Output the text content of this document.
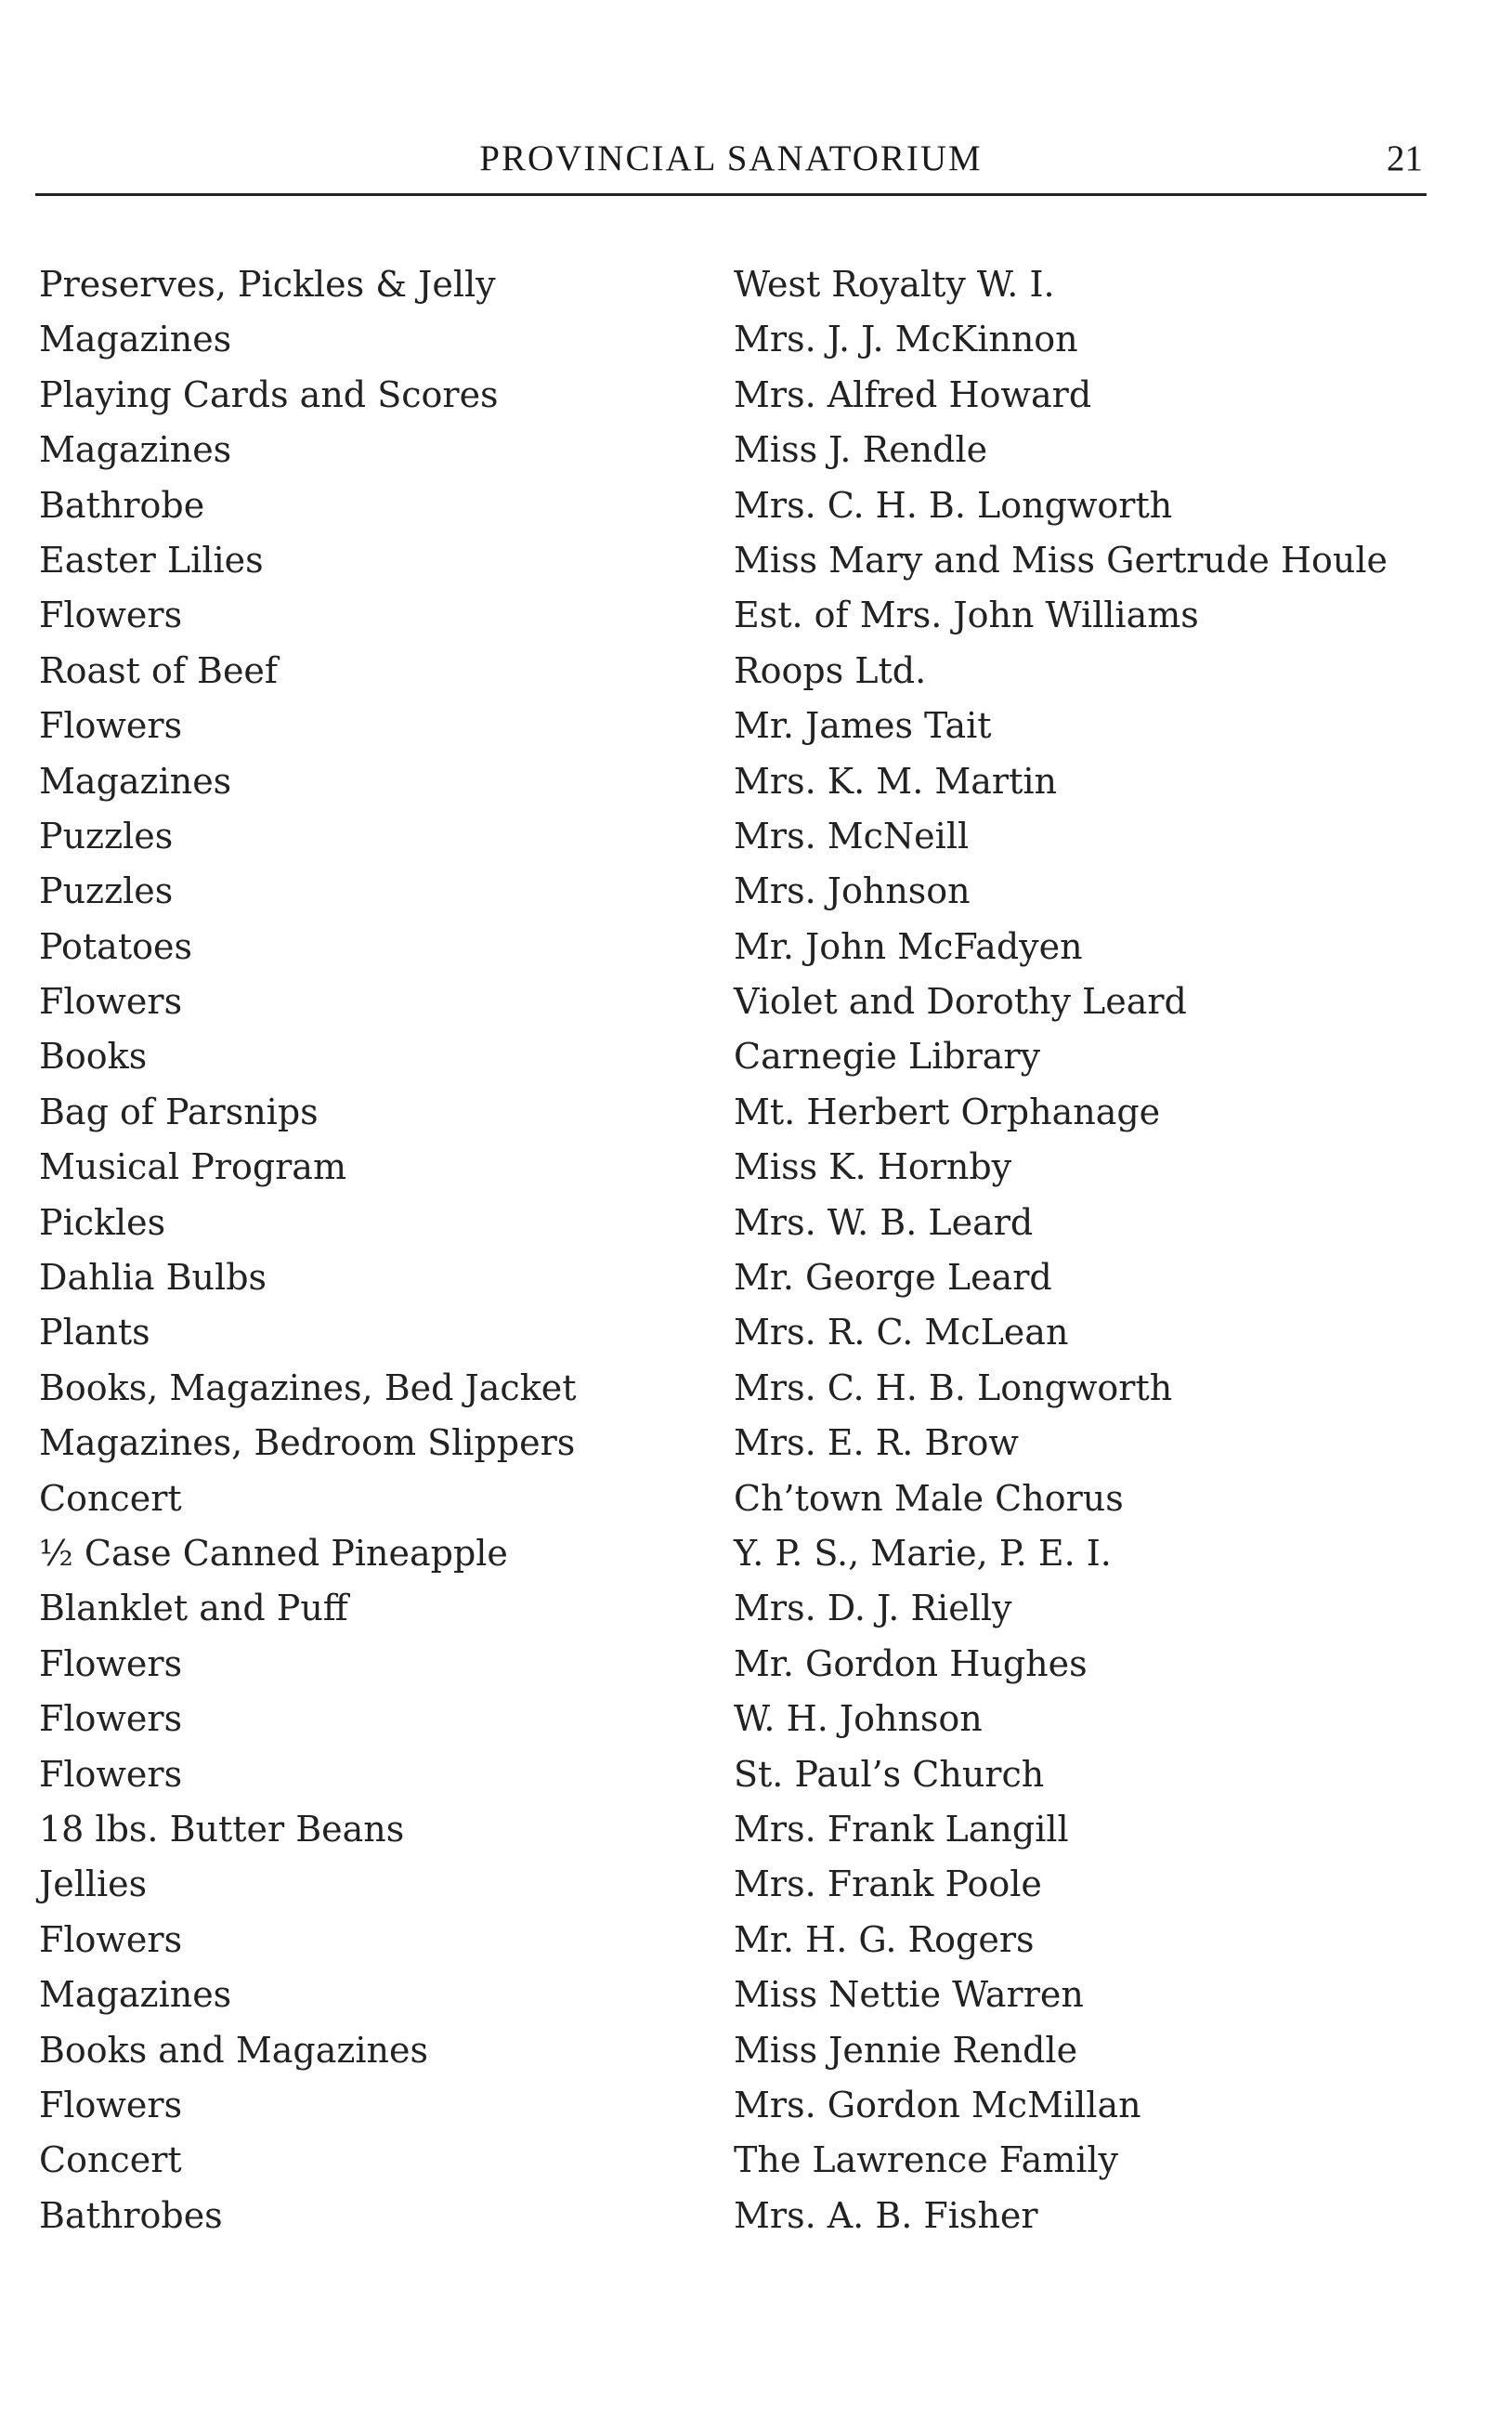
PROVINCIAL SANATORIUM	21
Preserves, Pickles & Jelly	West Royalty W. I.
Magazines	Mrs. J. J. McKinnon
Playing Cards and Scores	Mrs. Alfred Howard
Magazines	Miss J. Rendle
Bathrobe	Mrs. C. H. B. Longworth
Easter Lilies	Miss Mary and Miss Gertrude Houle
Flowers	Est. of Mrs. John Williams
Roast of Beef	Roops Ltd.
Flowers	Mr. James Tait
Magazines	Mrs. K. M. Martin
Puzzles	Mrs. McNeill
Puzzles	Mrs. Johnson
Potatoes	Mr. John McFadyen
Flowers	Violet and Dorothy Leard
Books	Carnegie Library
Bag of Parsnips	Mt. Herbert Orphanage
Musical Program	Miss K. Hornby
Pickles	Mrs. W. B. Leard
Dahlia Bulbs	Mr. George Leard
Plants	Mrs. R. C. McLean
Books, Magazines, Bed Jacket	Mrs. C. H. B. Longworth
Magazines, Bedroom Slippers	Mrs. E. R. Brow
Concert	Ch’town Male Chorus
½ Case Canned Pineapple	Y. P. S., Marie, P. E. I.
Blanklet and Puff	Mrs. D. J. Rielly
Flowers	Mr. Gordon Hughes
Flowers	W. H. Johnson
Flowers	St. Paul’s Church
18 lbs. Butter Beans	Mrs. Frank Langill
Jellies	Mrs. Frank Poole
Flowers	Mr. H. G. Rogers
Magazines	Miss Nettie Warren
Books and Magazines	Miss Jennie Rendle
Flowers	Mrs. Gordon McMillan
Concert	The Lawrence Family
Bathrobes	Mrs. A. B. Fisher
